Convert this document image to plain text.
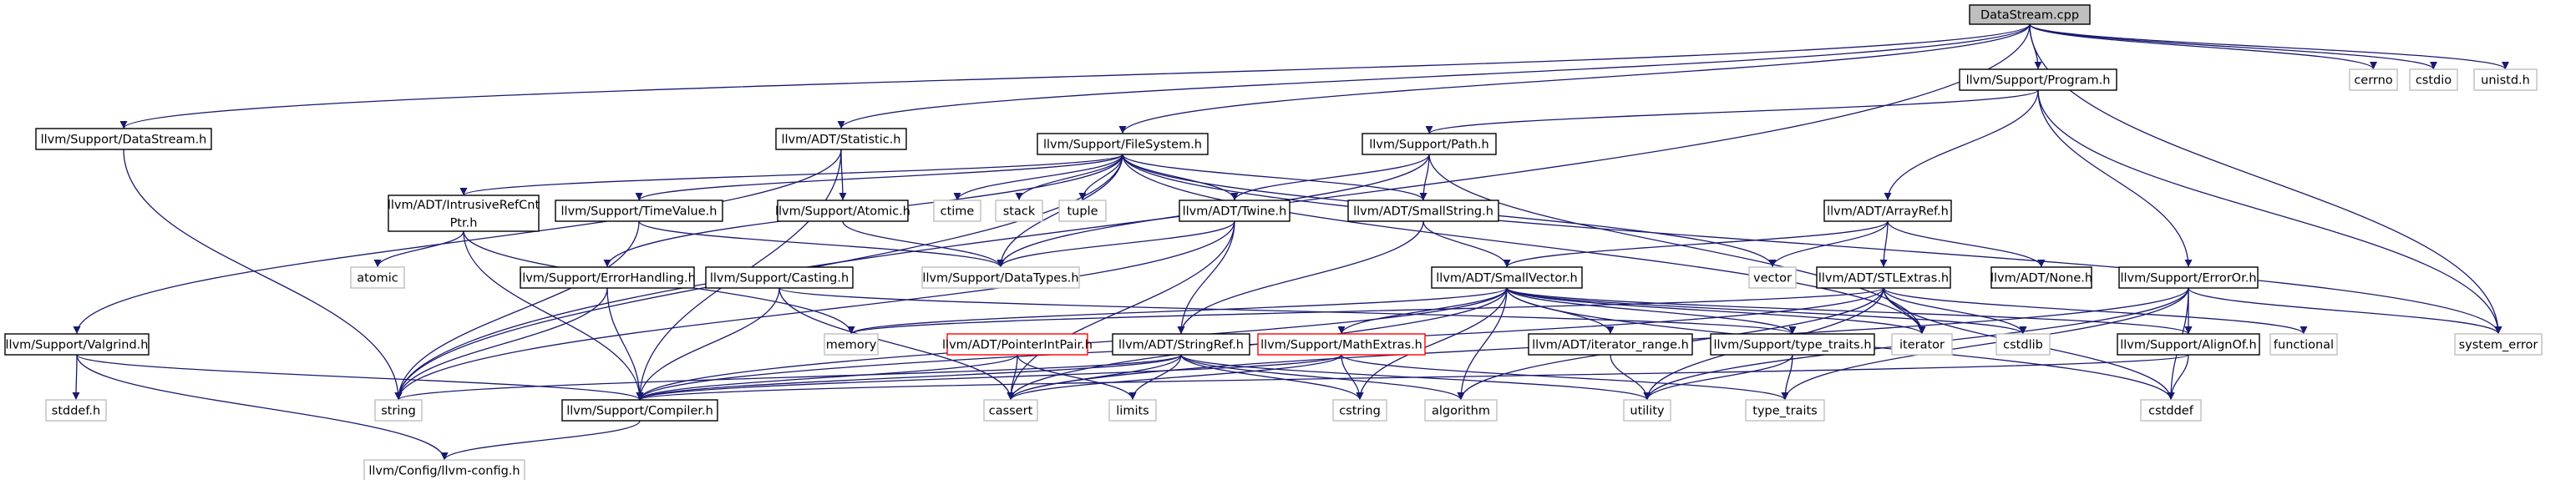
DataStream.cpp
llvm/Support/DataStream.h	llvm/ADT/Statistic.h	llvm/Support/FileSystem.h
llvm/Support/Program.h	cerrno cstdio unistd.h
llvm/Support/Path.h
llvm/ADT/IntrusiveRefCnt
Ptr.h
llvm/Support/TimeValue.h	llvm/Support/Atomic.h ctime stack	tuple	llvm/ADT/Twine.h	llvm/ADT/SmallString.h	llvm/ADT/ArrayRef.h
atomic	llvm/Support/ErrorHandling.h llvm/Support/Casting.h	llvm/Support/DataTypes.h	llvm/ADT/SmallVector.h	vector llvm/ADT/STLExtras.h	llvm/ADT/None.h llvm/Support/ErrorOr.h
llvm/Support/Valgrind.h	memory	llvm/ADT/PointerIntPair.h llvm/ADT/StringRef.h llvm/Support/MathExtras.h	llvm/ADT/iterator_range.h llvm/Support/type_traits.h iterator	cstdlib	llvm/Support/AlignOf.h functional	system_error
stddef.h	string	llvm/Support/Compiler.h	cassert	limits	cstring	algorithm	utility	type_traits	cstddef
llvm/Config/llvm-config.h
